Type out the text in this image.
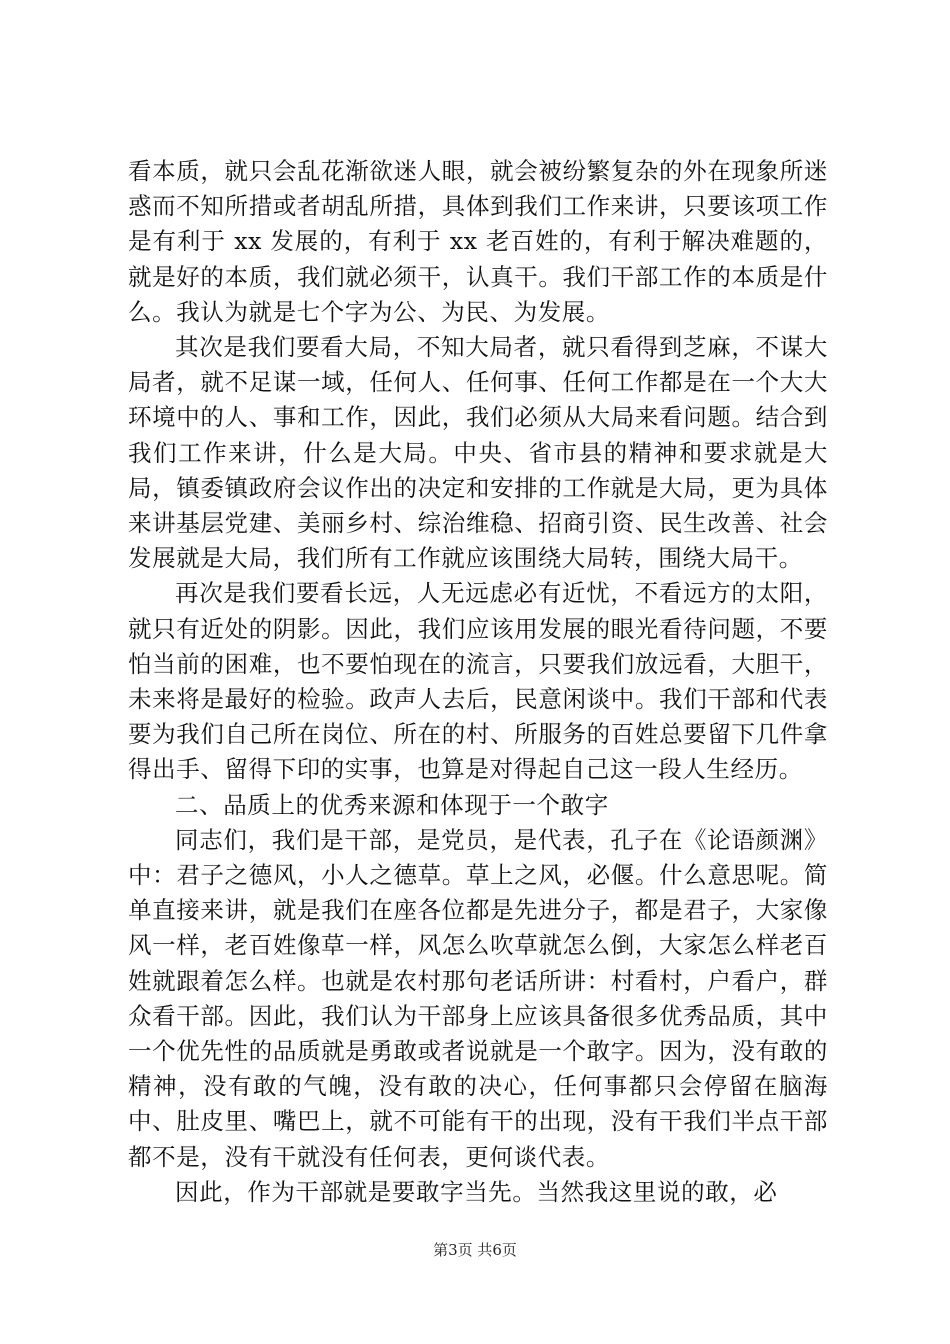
看本质，就只会乱花渐欲迷人眼，就会被纷繁复杂的外在现象所迷惑而不知所措或者胡乱所措，具体到我们工作来讲，只要该项工作是有利于 xx 发展的，有利于 xx 老百姓的，有利于解决难题的，就是好的本质，我们就必须干，认真干。我们干部工作的本质是什么。我认为就是七个字为公、为民、为发展。

其次是我们要看大局，不知大局者，就只看得到芝麻，不谋大局者，就不足谋一域，任何人、任何事、任何工作都是在一个大大环境中的人、事和工作，因此，我们必须从大局来看问题。结合到我们工作来讲，什么是大局。中央、省市县的精神和要求就是大局，镇委镇政府会议作出的决定和安排的工作就是大局，更为具体来讲基层党建、美丽乡村、综治维稳、招商引资、民生改善、社会发展就是大局，我们所有工作就应该围绕大局转，围绕大局干。

再次是我们要看长远，人无远虑必有近忧，不看远方的太阳，就只有近处的阴影。因此，我们应该用发展的眼光看待问题，不要怕当前的困难，也不要怕现在的流言，只要我们放远看，大胆干，未来将是最好的检验。政声人去后，民意闲谈中。我们干部和代表要为我们自己所在岗位、所在的村、所服务的百姓总要留下几件拿得出手、留得下印的实事，也算是对得起自己这一段人生经历。

二、品质上的优秀来源和体现于一个敢字

同志们，我们是干部，是党员，是代表，孔子在《论语颜渊》中：君子之德风，小人之德草。草上之风，必偃。什么意思呢。简单直接来讲，就是我们在座各位都是先进分子，都是君子，大家像风一样，老百姓像草一样，风怎么吹草就怎么倒，大家怎么样老百姓就跟着怎么样。也就是农村那句老话所讲：村看村，户看户，群众看干部。因此，我们认为干部身上应该具备很多优秀品质，其中一个优先性的品质就是勇敢或者说就是一个敢字。因为，没有敢的精神，没有敢的气魄，没有敢的决心，任何事都只会停留在脑海中、肚皮里、嘴巴上，就不可能有干的出现，没有干我们半点干部都不是，没有干就没有任何表，更何谈代表。

因此，作为干部就是要敢字当先。当然我这里说的敢，必

第3页 共6页
